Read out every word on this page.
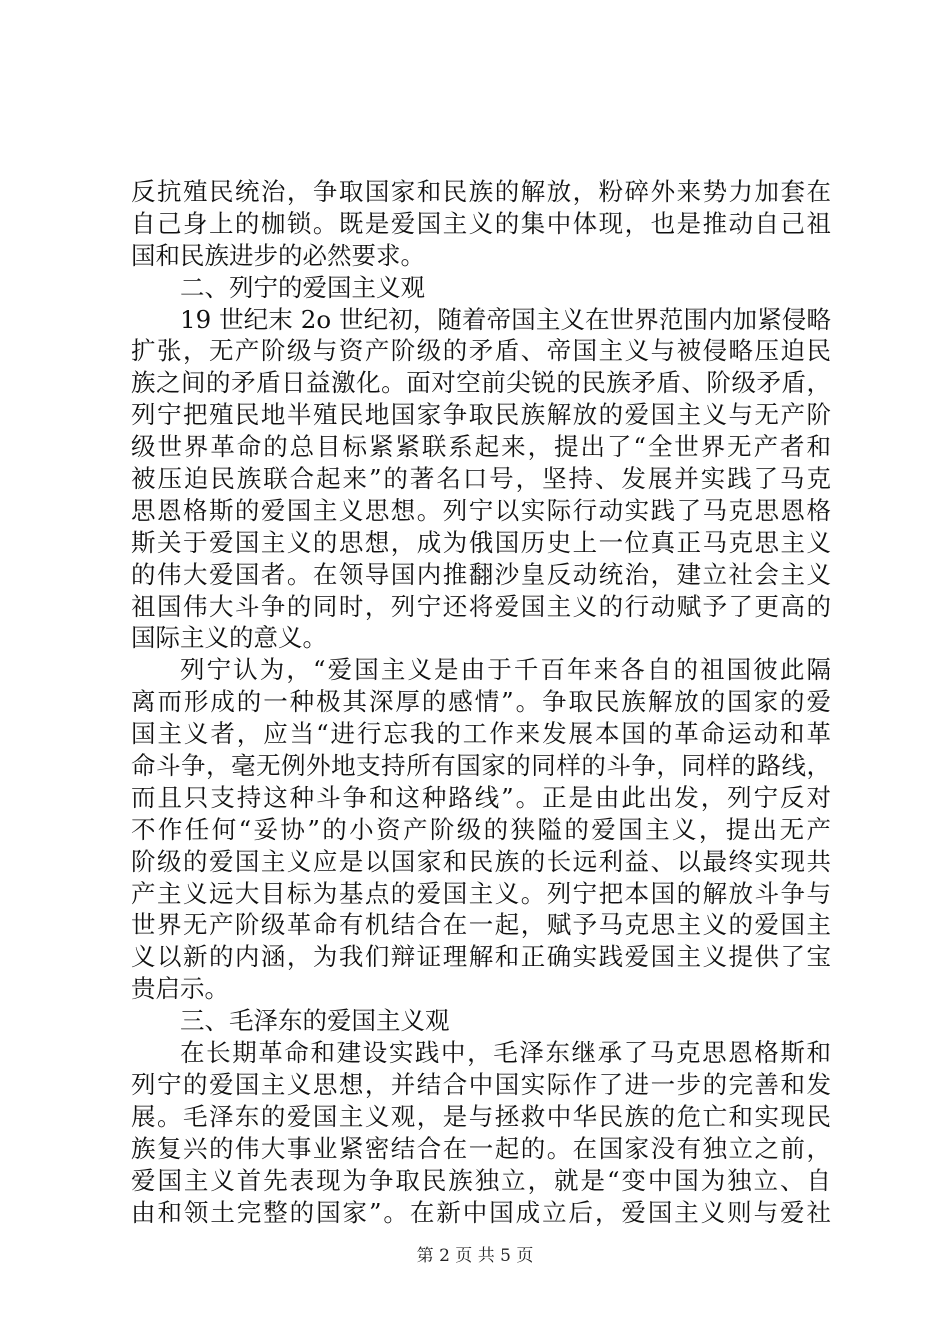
反抗殖民统治，争取国家和民族的解放，粉碎外来势力加套在
自己身上的枷锁。既是爱国主义的集中体现，也是推动自己祖
国和民族进步的必然要求。
二、列宁的爱国主义观
19 世纪末 2o 世纪初，随着帝国主义在世界范围内加紧侵略
扩张，无产阶级与资产阶级的矛盾、帝国主义与被侵略压迫民
族之间的矛盾日益激化。面对空前尖锐的民族矛盾、阶级矛盾，
列宁把殖民地半殖民地国家争取民族解放的爱国主义与无产阶
级世界革命的总目标紧紧联系起来，提出了“全世界无产者和
被压迫民族联合起来”的著名口号，坚持、发展并实践了马克
思恩格斯的爱国主义思想。列宁以实际行动实践了马克思恩格
斯关于爱国主义的思想，成为俄国历史上一位真正马克思主义
的伟大爱国者。在领导国内推翻沙皇反动统治，建立社会主义
祖国伟大斗争的同时，列宁还将爱国主义的行动赋予了更高的
国际主义的意义。
列宁认为，“爱国主义是由于千百年来各自的祖国彼此隔
离而形成的一种极其深厚的感情”。争取民族解放的国家的爱
国主义者，应当“进行忘我的工作来发展本国的革命运动和革
命斗争，毫无例外地支持所有国家的同样的斗争，同样的路线，
而且只支持这种斗争和这种路线”。正是由此出发，列宁反对
不作任何“妥协”的小资产阶级的狭隘的爱国主义，提出无产
阶级的爱国主义应是以国家和民族的长远利益、以最终实现共
产主义远大目标为基点的爱国主义。列宁把本国的解放斗争与
世界无产阶级革命有机结合在一起，赋予马克思主义的爱国主
义以新的内涵，为我们辩证理解和正确实践爱国主义提供了宝
贵启示。
三、毛泽东的爱国主义观
在长期革命和建设实践中，毛泽东继承了马克思恩格斯和
列宁的爱国主义思想，并结合中国实际作了进一步的完善和发
展。毛泽东的爱国主义观，是与拯救中华民族的危亡和实现民
族复兴的伟大事业紧密结合在一起的。在国家没有独立之前，
爱国主义首先表现为争取民族独立，就是“变中国为独立、自
由和领土完整的国家”。在新中国成立后，爱国主义则与爱社
第 2 页 共 5 页
